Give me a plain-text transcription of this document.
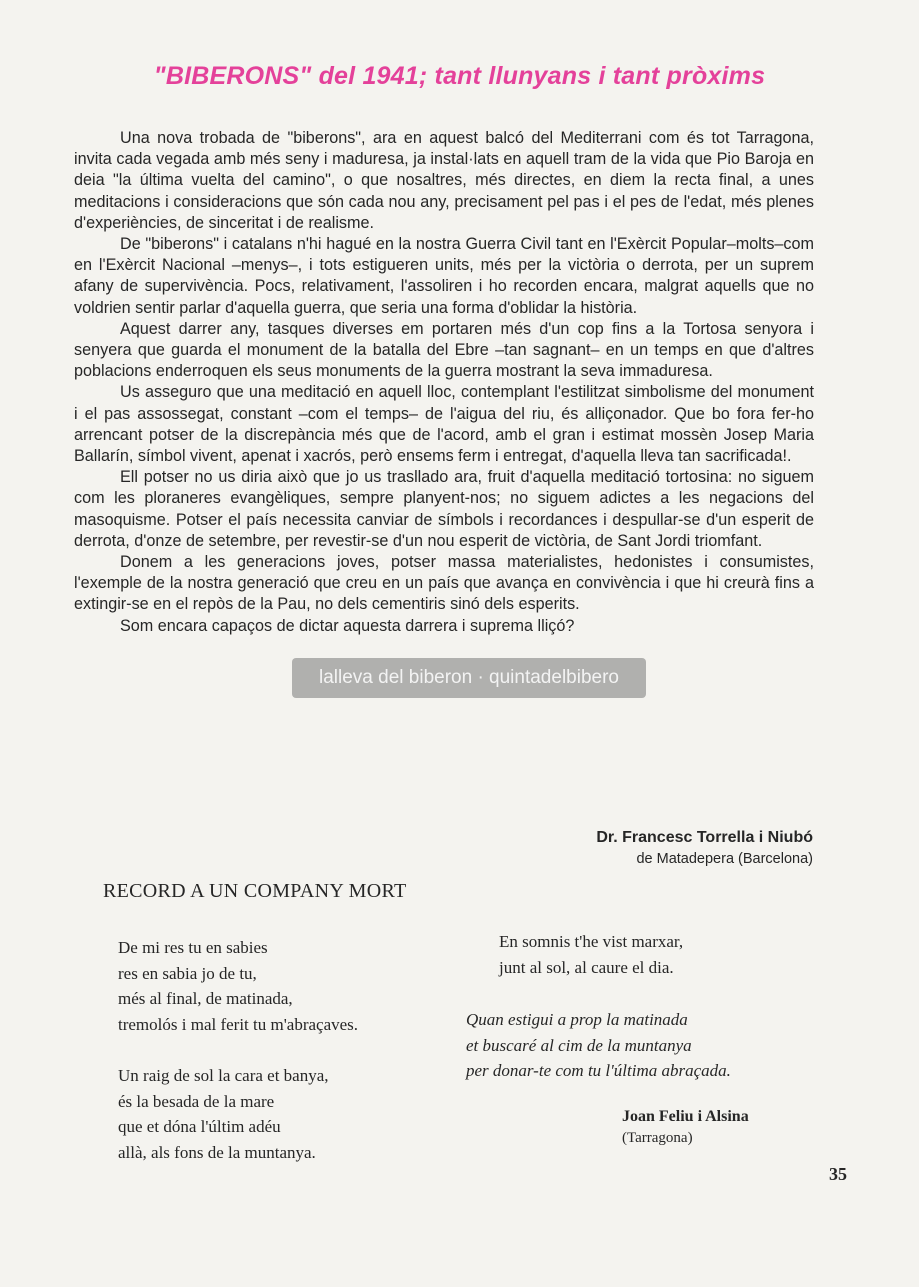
"BIBERONS" del 1941; tant llunyans i tant pròxims

Una nova trobada de "biberons", ara en aquest balcó del Mediterrani com és tot Tarragona, invita cada vegada amb més seny i maduresa, ja instal·lats en aquell tram de la vida que Pio Baroja en deia "la última vuelta del camino", o que nosaltres, més directes, en diem la recta final, a unes meditacions i consideracions que són cada nou any, precisament pel pas i el pes de l'edat, més plenes d'experiències, de sinceritat i de realisme.

De "biberons" i catalans n'hi hagué en la nostra Guerra Civil tant en l'Exèrcit Popular–molts–com en l'Exèrcit Nacional –menys–, i tots estigueren units, més per la victòria o derrota, per un suprem afany de supervivència. Pocs, relativament, l'assoliren i ho recorden encara, malgrat aquells que no voldrien sentir parlar d'aquella guerra, que seria una forma d'oblidar la història.

Aquest darrer any, tasques diverses em portaren més d'un cop fins a la Tortosa senyora i senyera que guarda el monument de la batalla del Ebre –tan sagnant– en un temps en que d'altres poblacions enderroquen els seus monuments de la guerra mostrant la seva immaduresa.

Us asseguro que una meditació en aquell lloc, contemplant l'estilitzat simbolisme del monument i el pas assossegat, constant –com el temps– de l'aigua del riu, és alliçonador. Que bo fora fer-ho arrencant potser de la discrepància més que de l'acord, amb el gran i estimat mossèn Josep Maria Ballarín, símbol vivent, apenat i xacrós, però ensems ferm i entregat, d'aquella lleva tan sacrificada!.

Ell potser no us diria això que jo us trasllado ara, fruit d'aquella meditació tortosina: no siguem com les ploraneres evangèliques, sempre planyent-nos; no siguem adictes a les negacions del masoquisme. Potser el país necessita canviar de símbols i recordances i despullar-se d'un esperit de derrota, d'onze de setembre, per revestir-se d'un nou esperit de victòria, de Sant Jordi triomfant.

Donem a les generacions joves, potser massa materialistes, hedonistes i consumistes, l'exemple de la nostra generació que creu en un país que avança en convivència i que hi creurà fins a extingir-se en el repòs de la Pau, no dels cementiris sinó dels esperits.

Som encara capaços de dictar aquesta darrera i suprema lliçó?

lalleva del biberon · quintadelbibero
Dr. Francesc Torrella i Niubó
de Matadepera (Barcelona)
RECORD A UN COMPANY MORT
De mi res tu en sabies
res en sabia jo de tu,
més al final, de matinada,
tremolós i mal ferit tu m'abraçaves.
Un raig de sol la cara et banya,
és la besada de la mare
que et dóna l'últim adéu
allà, als fons de la muntanya.
En somnis t'he vist marxar,
junt al sol, al caure el dia.
Quan estigui a prop la matinada
et buscaré al cim de la muntanya
per donar-te com tu l'última abraçada.
Joan Feliu i Alsina
(Tarragona)
35
